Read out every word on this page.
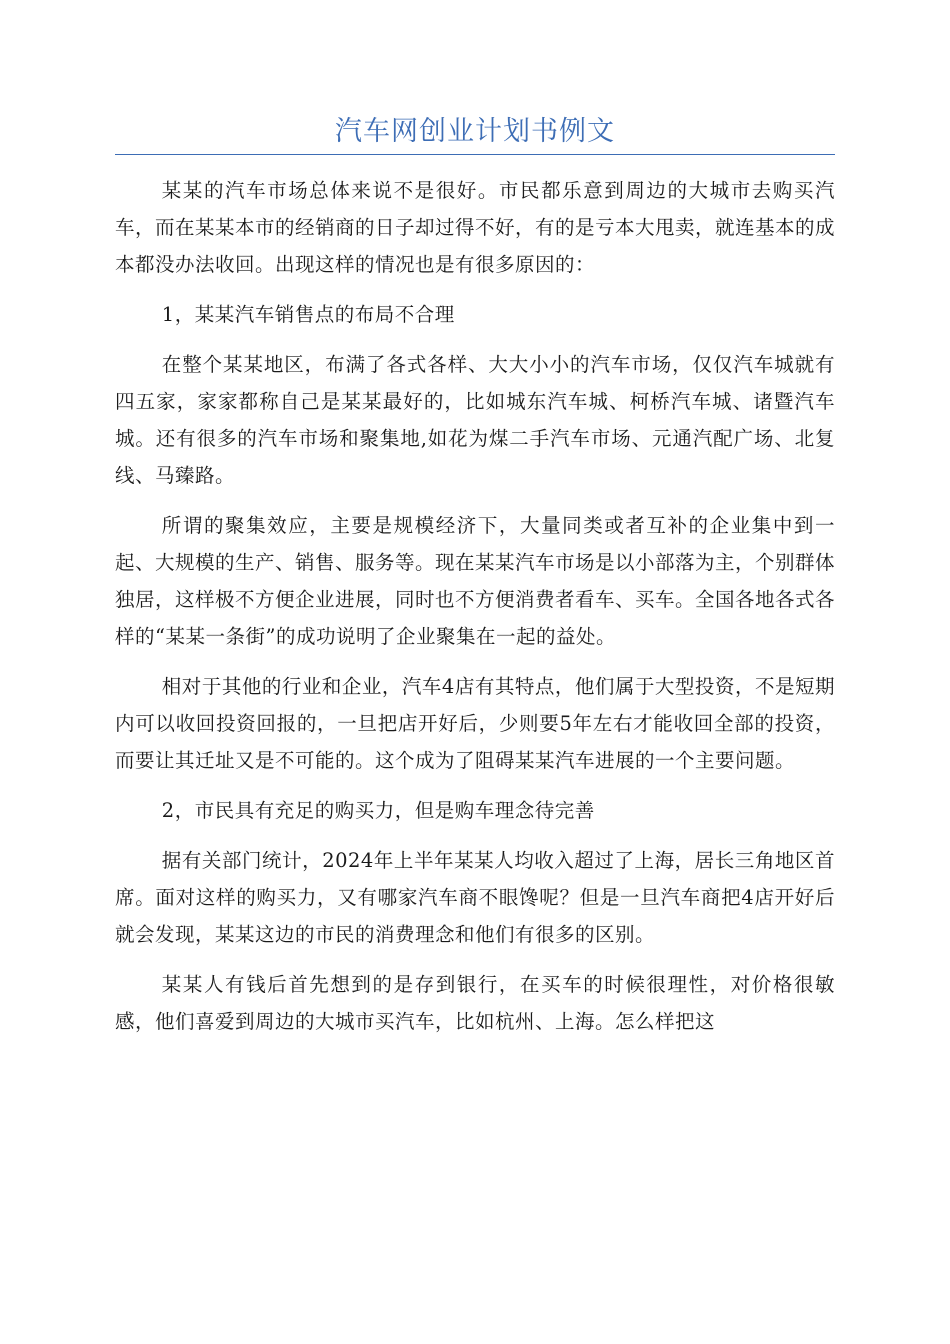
汽车网创业计划书例文

某某的汽车市场总体来说不是很好。市民都乐意到周边的大城市去购买汽车，而在某某本市的经销商的日子却过得不好，有的是亏本大甩卖，就连基本的成本都没办法收回。出现这样的情况也是有很多原因的：

1，某某汽车销售点的布局不合理

在整个某某地区，布满了各式各样、大大小小的汽车市场，仅仅汽车城就有四五家，家家都称自己是某某最好的，比如城东汽车城、柯桥汽车城、诸暨汽车城。还有很多的汽车市场和聚集地,如花为煤二手汽车市场、元通汽配广场、北复线、马臻路。

所谓的聚集效应，主要是规模经济下，大量同类或者互补的企业集中到一起、大规模的生产、销售、服务等。现在某某汽车市场是以小部落为主，个别群体独居，这样极不方便企业进展，同时也不方便消费者看车、买车。全国各地各式各样的“某某一条街”的成功说明了企业聚集在一起的益处。

相对于其他的行业和企业，汽车4店有其特点，他们属于大型投资，不是短期内可以收回投资回报的，一旦把店开好后，少则要5年左右才能收回全部的投资，而要让其迁址又是不可能的。这个成为了阻碍某某汽车进展的一个主要问题。

2，市民具有充足的购买力，但是购车理念待完善

据有关部门统计，2024年上半年某某人均收入超过了上海，居长三角地区首席。面对这样的购买力，又有哪家汽车商不眼馋呢？但是一旦汽车商把4店开好后就会发现，某某这边的市民的消费理念和他们有很多的区别。

某某人有钱后首先想到的是存到银行，在买车的时候很理性，对价格很敏感，他们喜爱到周边的大城市买汽车，比如杭州、上海。怎么样把这
